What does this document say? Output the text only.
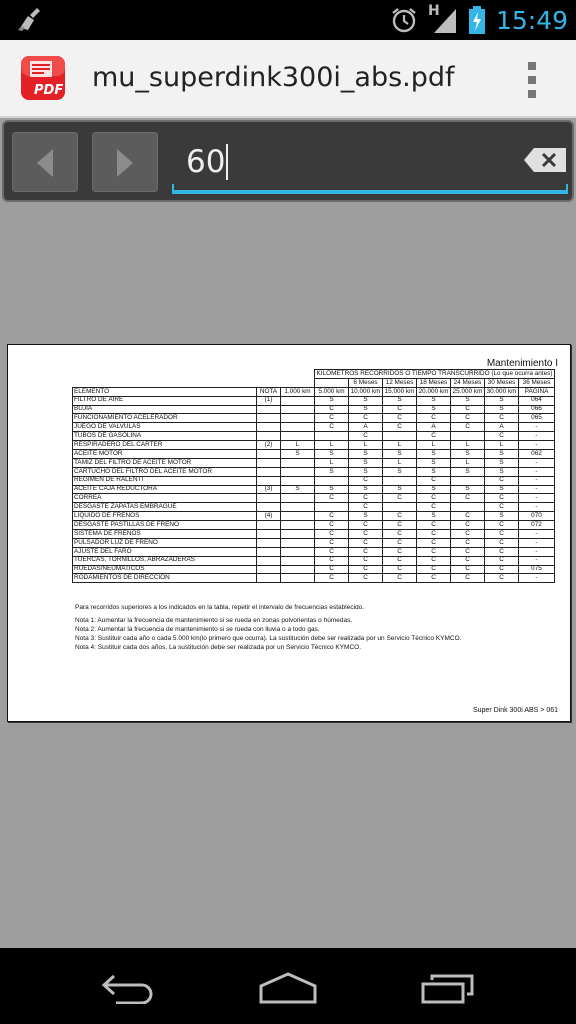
H 15:49
PDF mu_superdink300i_abs.pdf
60
Mantenimiento I
			KILOMETROS RECORRIDOS O TIEMPO TRANSCURRIDO (Lo que ocurra antes)							
				6 Meses	12 Meses	18 Meses	24 Meses	30 Meses	36 Meses	
ELEMENTO	NOTA	1.000 km	5.000 km	10.000 km	15.000 km	20.000 km	25.000 km	30.000 km	PAGINA	
FILTRO DE AIRE	(1)		S	S	S	S	S	S	064	
BUJIA			C	S	C	S	C	S	066	
FUNCIONAMIENTO ACELERADOR			C	C	C	C	C	C	065	
JUEGO DE VALVULAS			C	A	C	A	C	A	-	
TUBOS DE GASOLINA				C		C		C	-	
RESPIRADERO DEL CARTER	(2)	L	L	L	L	L	L	L	-	
ACEITE MOTOR		S	S	S	S	S	S	S	062	
TAMIZ DEL FILTRO DE ACEITE MOTOR			L	S	L	S	L	S	-	
CARTUCHO DEL FILTRO DEL ACEITE MOTOR			S	S	S	S	S	S	-	
REGIMEN DE RALENTI				C		C		C	-	
ACEITE CAJA REDUCTORA	(3)	S	S	S	S	S	S	S	-	
CORREA			C	C	C	C	C	C	-	
DESGASTE ZAPATAS EMBRAGUE				C		C		C	-	
LIQUIDO DE FRENOS	(4)		C	S	C	S	C	S	070	
DESGASTE PASTILLAS DE FRENO			C	C	C	C	C	C	072	
SISTEMA DE FRENOS			C	C	C	C	C	C	-	
PULSADOR LUZ DE FRENO			C	C	C	C	C	C	-	
AJUSTE DEL FARO			C	C	C	C	C	C	-	
TUERCAS, TORNILLOS, ABRAZADERAS			C	C	C	C	C	C	-	
RUEDAS/NEUMATICOS			C	C	C	C	C	C	075	
RODAMIENTOS DE DIRECCIÓN			C	C	C	C	C	C	-	
Para recorridos superiores a los indicados en la tabla, repetir el intervalo de frecuencias establecido.
Nota 1: Aumentar la frecuencia de mantenimiento si se rueda en zonas polvorientas o húmedas.
Nota 2: Aumentar la frecuencia de mantenimiento si se rueda con lluvia o a todo gas.
Nota 3: Sustituir cada año o cada 5.000 km(lo primero que ocurra). La sustitución debe ser realizada por un Servicio Técnico KYMCO.
Nota 4: Sustituir cada dos años. La sustitución debe ser realizada por un Servicio Técnico KYMCO.
Super Dink 300i ABS > 061
